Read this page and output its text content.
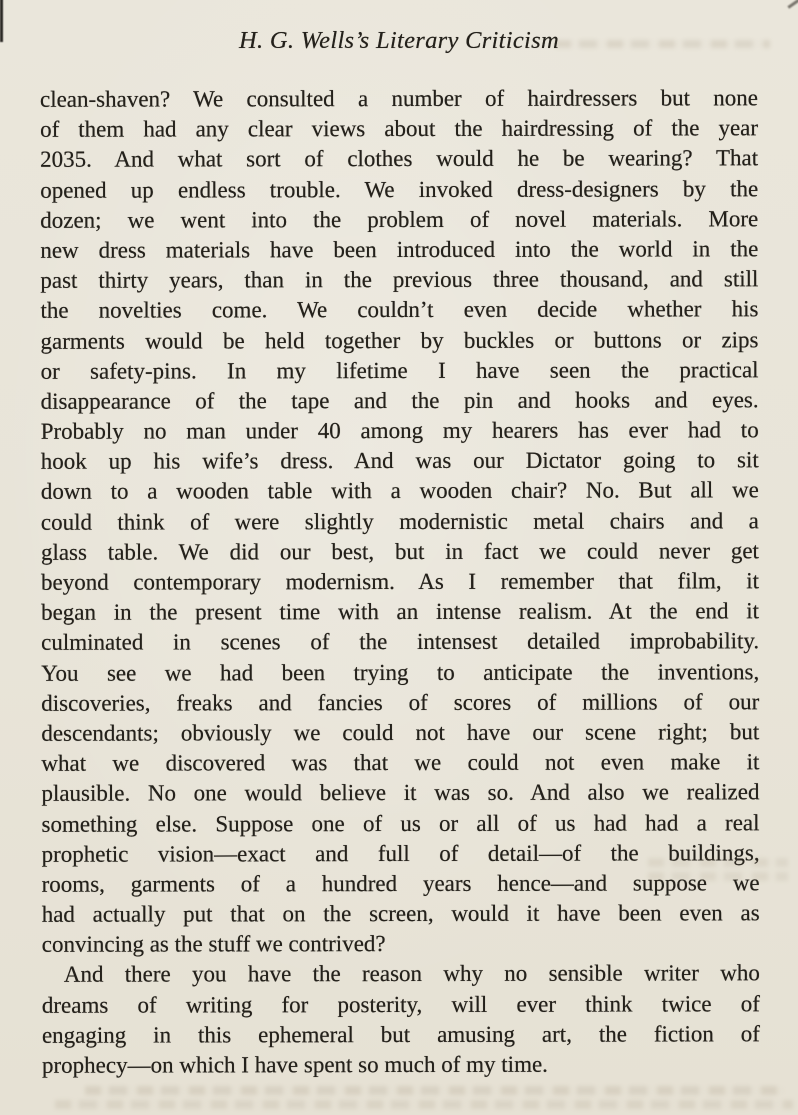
H. G. Wells’s Literary Criticism
clean-shaven? We consulted a number of hairdressers but none
of them had any clear views about the hairdressing of the year
2035. And what sort of clothes would he be wearing? That
opened up endless trouble. We invoked dress-designers by the
dozen; we went into the problem of novel materials. More
new dress materials have been introduced into the world in the
past thirty years, than in the previous three thousand, and still
the novelties come. We couldn’t even decide whether his
garments would be held together by buckles or buttons or zips
or safety-pins. In my lifetime I have seen the practical
disappearance of the tape and the pin and hooks and eyes.
Probably no man under 40 among my hearers has ever had to
hook up his wife’s dress. And was our Dictator going to sit
down to a wooden table with a wooden chair? No. But all we
could think of were slightly modernistic metal chairs and a
glass table. We did our best, but in fact we could never get
beyond contemporary modernism. As I remember that film, it
began in the present time with an intense realism. At the end it
culminated in scenes of the intensest detailed improbability.
You see we had been trying to anticipate the inventions,
discoveries, freaks and fancies of scores of millions of our
descendants; obviously we could not have our scene right; but
what we discovered was that we could not even make it
plausible. No one would believe it was so. And also we realized
something else. Suppose one of us or all of us had had a real
prophetic vision—exact and full of detail—of the buildings,
rooms, garments of a hundred years hence—and suppose we
had actually put that on the screen, would it have been even as
convincing as the stuff we contrived?
And there you have the reason why no sensible writer who
dreams of writing for posterity, will ever think twice of
engaging in this ephemeral but amusing art, the fiction of
prophecy—on which I have spent so much of my time.
